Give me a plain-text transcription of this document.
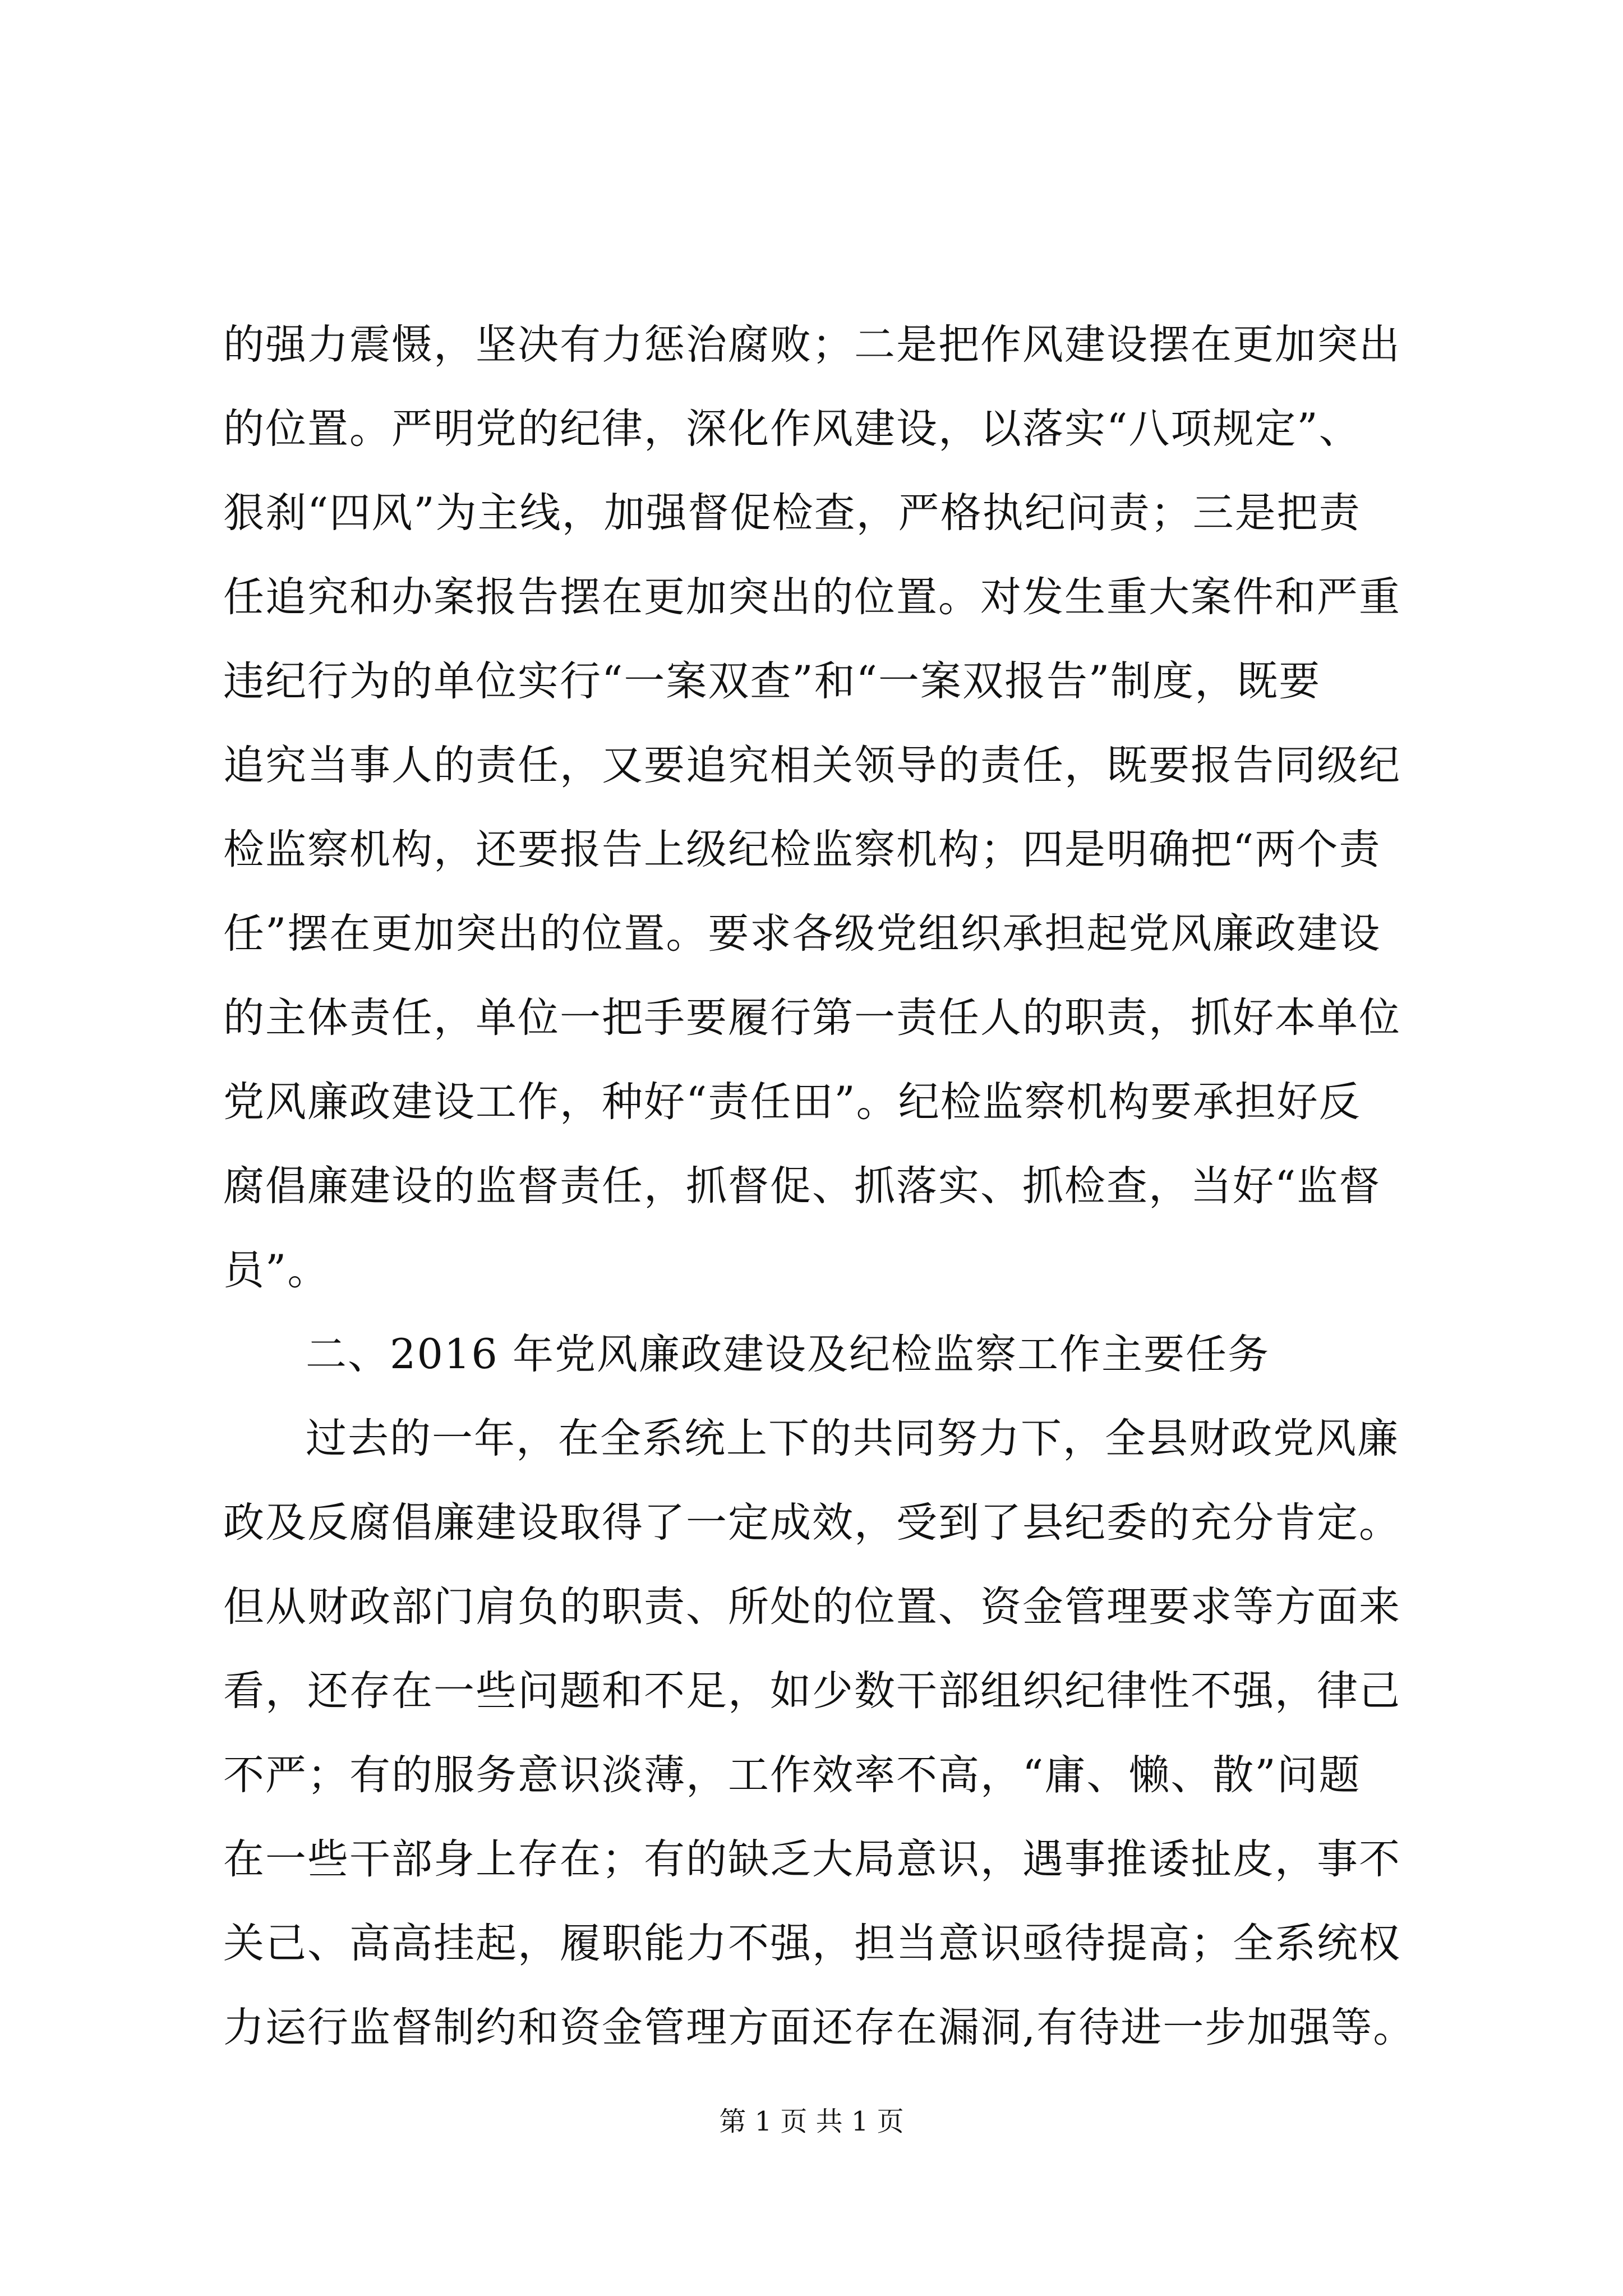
的强力震慑，坚决有力惩治腐败；二是把作风建设摆在更加突出
的位置。严明党的纪律，深化作风建设，以落实“八项规定”、
狠刹“四风”为主线，加强督促检查，严格执纪问责；三是把责
任追究和办案报告摆在更加突出的位置。对发生重大案件和严重
违纪行为的单位实行“一案双查”和“一案双报告”制度，既要
追究当事人的责任，又要追究相关领导的责任，既要报告同级纪
检监察机构，还要报告上级纪检监察机构；四是明确把“两个责
任”摆在更加突出的位置。要求各级党组织承担起党风廉政建设
的主体责任，单位一把手要履行第一责任人的职责，抓好本单位
党风廉政建设工作，种好“责任田”。纪检监察机构要承担好反
腐倡廉建设的监督责任，抓督促、抓落实、抓检查，当好“监督
员”。
二、2016 年党风廉政建设及纪检监察工作主要任务
过去的一年，在全系统上下的共同努力下，全县财政党风廉
政及反腐倡廉建设取得了一定成效，受到了县纪委的充分肯定。
但从财政部门肩负的职责、所处的位置、资金管理要求等方面来
看，还存在一些问题和不足，如少数干部组织纪律性不强，律己
不严；有的服务意识淡薄，工作效率不高，“庸、懒、散”问题
在一些干部身上存在；有的缺乏大局意识，遇事推诿扯皮，事不
关己、高高挂起，履职能力不强，担当意识亟待提高；全系统权
力运行监督制约和资金管理方面还存在漏洞,有待进一步加强等。
第 1 页 共 1 页
